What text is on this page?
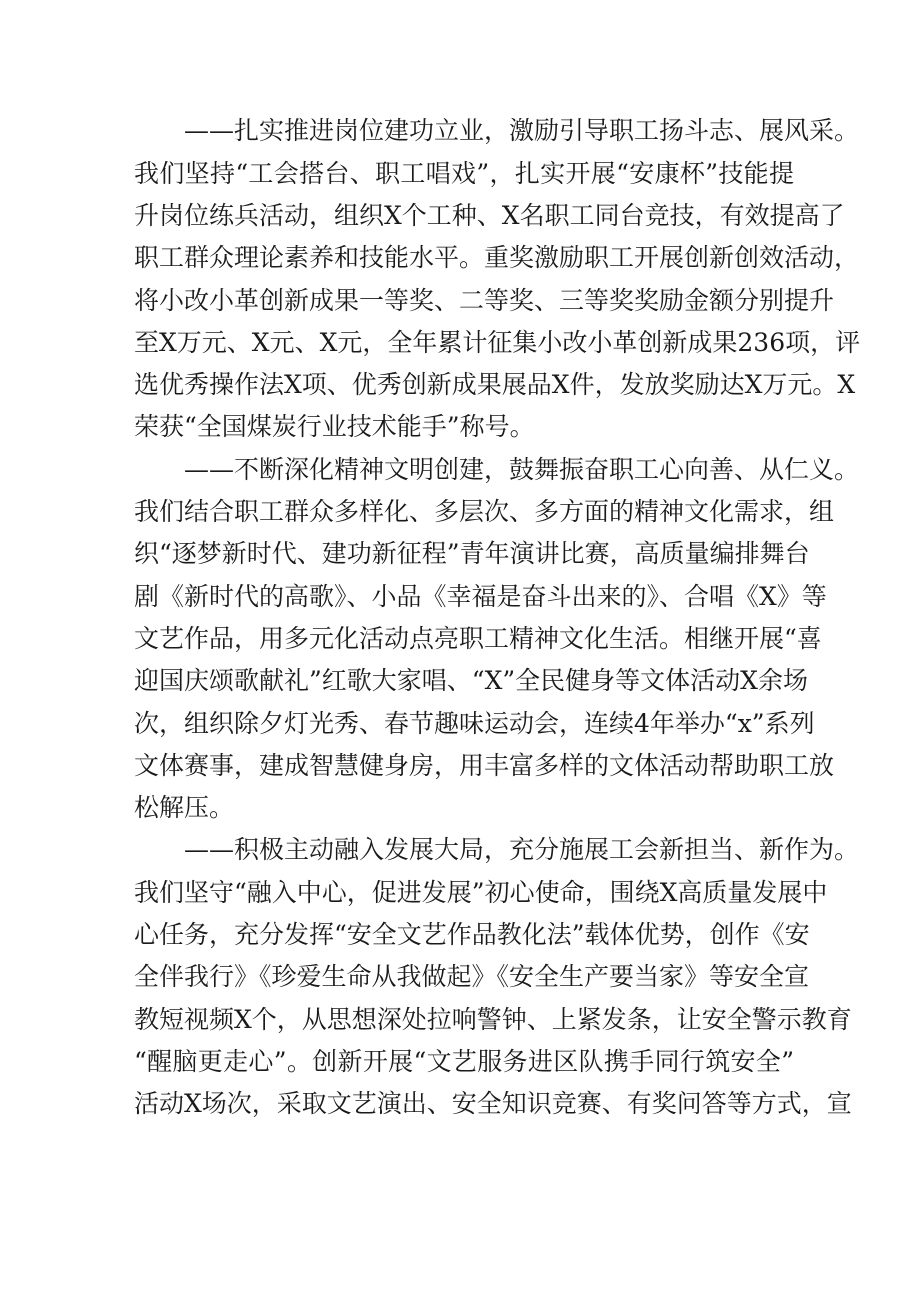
——扎实推进岗位建功立业，激励引导职工扬斗志、展风采。
我们坚持“工会搭台、职工唱戏”，扎实开展“安康杯”技能提
升岗位练兵活动，组织X个工种、X名职工同台竞技，有效提高了
职工群众理论素养和技能水平。重奖激励职工开展创新创效活动，
将小改小革创新成果一等奖、二等奖、三等奖奖励金额分别提升
至X万元、X元、X元，全年累计征集小改小革创新成果236项，评
选优秀操作法X项、优秀创新成果展品X件，发放奖励达X万元。X
荣获“全国煤炭行业技术能手”称号。
——不断深化精神文明创建，鼓舞振奋职工心向善、从仁义。
我们结合职工群众多样化、多层次、多方面的精神文化需求，组
织“逐梦新时代、建功新征程”青年演讲比赛，高质量编排舞台
剧《新时代的高歌》、小品《幸福是奋斗出来的》、合唱《X》等
文艺作品，用多元化活动点亮职工精神文化生活。相继开展“喜
迎国庆颂歌献礼”红歌大家唱、“X”全民健身等文体活动X余场
次，组织除夕灯光秀、春节趣味运动会，连续4年举办“x”系列
文体赛事，建成智慧健身房，用丰富多样的文体活动帮助职工放
松解压。
——积极主动融入发展大局，充分施展工会新担当、新作为。
我们坚守“融入中心，促进发展”初心使命，围绕X高质量发展中
心任务，充分发挥“安全文艺作品教化法”载体优势，创作《安
全伴我行》《珍爱生命从我做起》《安全生产要当家》等安全宣
教短视频X个，从思想深处拉响警钟、上紧发条，让安全警示教育
“醒脑更走心”。创新开展“文艺服务进区队携手同行筑安全”
活动X场次，采取文艺演出、安全知识竞赛、有奖问答等方式，宣
